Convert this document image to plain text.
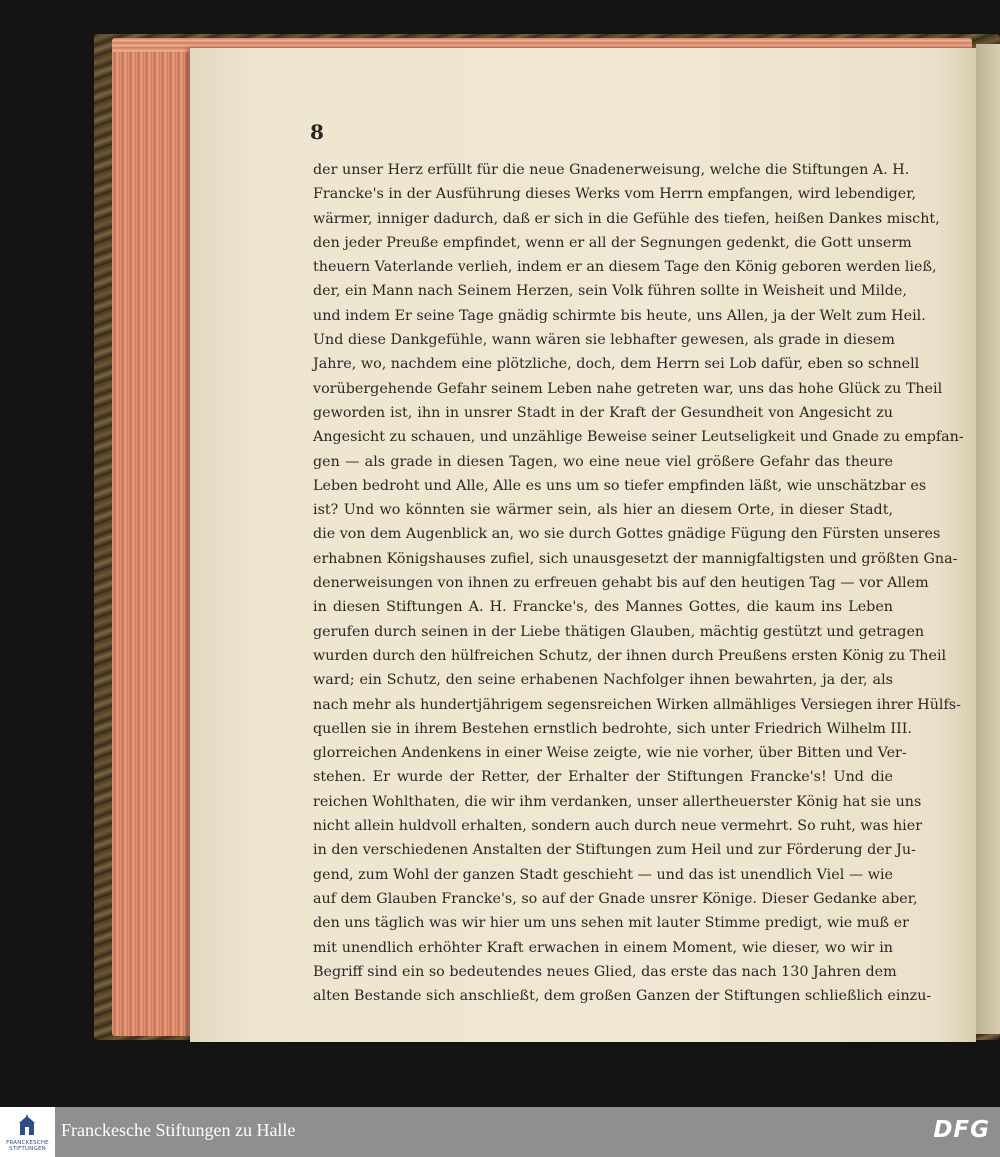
8
der unser Herz erfüllt für die neue Gnadenerweisung, welche die Stiftungen A. H.
Francke's in der Ausführung dieses Werks vom Herrn empfangen, wird lebendiger,
wärmer, inniger dadurch, daß er sich in die Gefühle des tiefen, heißen Dankes mischt,
den jeder Preuße empfindet, wenn er all der Segnungen gedenkt, die Gott unserm
theuern Vaterlande verlieh, indem er an diesem Tage den König geboren werden ließ,
der, ein Mann nach Seinem Herzen, sein Volk führen sollte in Weisheit und Milde,
und indem Er seine Tage gnädig schirmte bis heute, uns Allen, ja der Welt zum Heil.
Und diese Dankgefühle, wann wären sie lebhafter gewesen, als grade in diesem
Jahre, wo, nachdem eine plötzliche, doch, dem Herrn sei Lob dafür, eben so schnell
vorübergehende Gefahr seinem Leben nahe getreten war, uns das hohe Glück zu Theil
geworden ist, ihn in unsrer Stadt in der Kraft der Gesundheit von Angesicht zu
Angesicht zu schauen, und unzählige Beweise seiner Leutseligkeit und Gnade zu empfan-
gen — als grade in diesen Tagen, wo eine neue viel größere Gefahr das theure
Leben bedroht und Alle, Alle es uns um so tiefer empfinden läßt, wie unschätzbar es
ist? Und wo könnten sie wärmer sein, als hier an diesem Orte, in dieser Stadt,
die von dem Augenblick an, wo sie durch Gottes gnädige Fügung den Fürsten unseres
erhabnen Königshauses zufiel, sich unausgesetzt der mannigfaltigsten und größten Gna-
denerweisungen von ihnen zu erfreuen gehabt bis auf den heutigen Tag — vor Allem
in diesen Stiftungen A. H. Francke's, des Mannes Gottes, die kaum ins Leben
gerufen durch seinen in der Liebe thätigen Glauben, mächtig gestützt und getragen
wurden durch den hülfreichen Schutz, der ihnen durch Preußens ersten König zu Theil
ward; ein Schutz, den seine erhabenen Nachfolger ihnen bewahrten, ja der, als
nach mehr als hundertjährigem segensreichen Wirken allmähliges Versiegen ihrer Hülfs-
quellen sie in ihrem Bestehen ernstlich bedrohte, sich unter Friedrich Wilhelm III.
glorreichen Andenkens in einer Weise zeigte, wie nie vorher, über Bitten und Ver-
stehen. Er wurde der Retter, der Erhalter der Stiftungen Francke's! Und die
reichen Wohlthaten, die wir ihm verdanken, unser allertheuerster König hat sie uns
nicht allein huldvoll erhalten, sondern auch durch neue vermehrt. So ruht, was hier
in den verschiedenen Anstalten der Stiftungen zum Heil und zur Förderung der Ju-
gend, zum Wohl der ganzen Stadt geschieht — und das ist unendlich Viel — wie
auf dem Glauben Francke's, so auf der Gnade unsrer Könige. Dieser Gedanke aber,
den uns täglich was wir hier um uns sehen mit lauter Stimme predigt, wie muß er
mit unendlich erhöhter Kraft erwachen in einem Moment, wie dieser, wo wir in
Begriff sind ein so bedeutendes neues Glied, das erste das nach 130 Jahren dem
alten Bestande sich anschließt, dem großen Ganzen der Stiftungen schließlich einzu-
FRANCKESCHE
STIFTUNGEN
Franckesche Stiftungen zu Halle	DFG
